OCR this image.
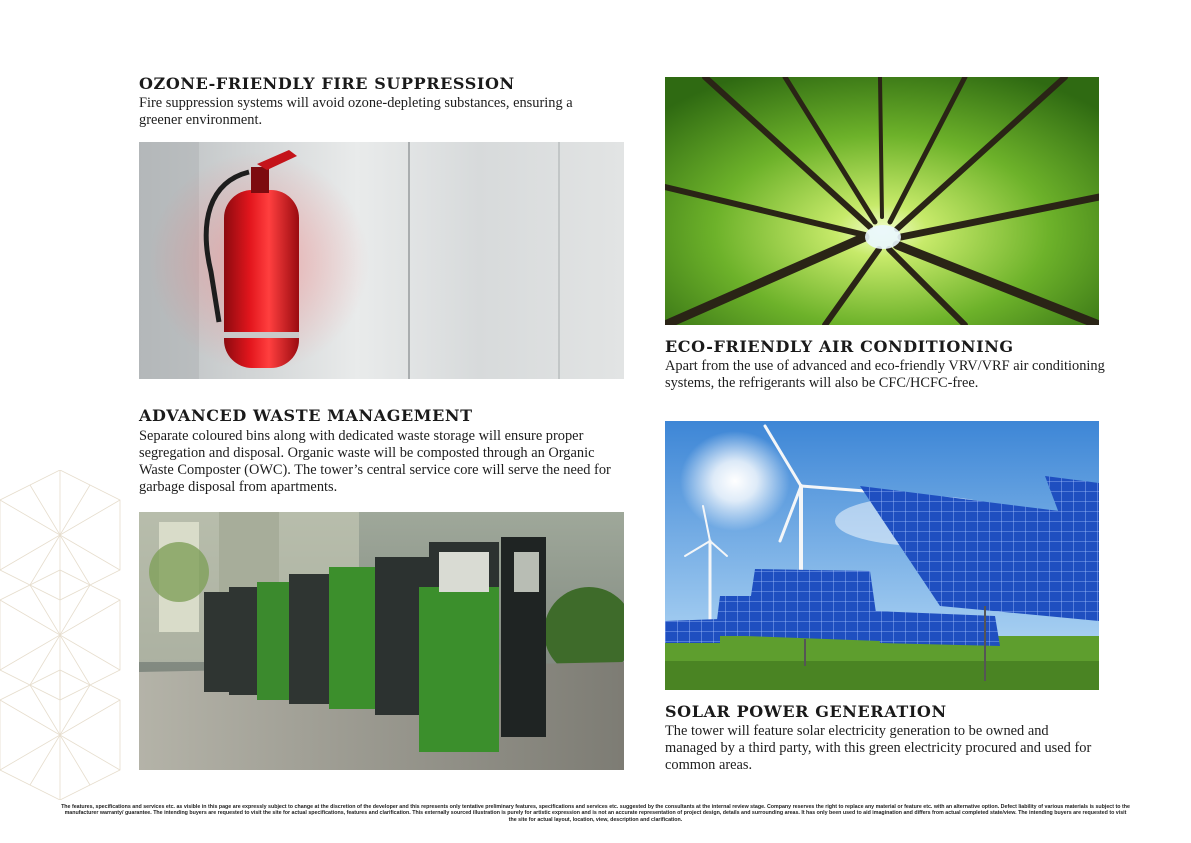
OZONE-FRIENDLY FIRE SUPPRESSION
Fire suppression systems will avoid ozone-depleting substances, ensuring a greener environment.
ADVANCED WASTE MANAGEMENT
Separate coloured bins along with dedicated waste storage will ensure proper segregation and disposal. Organic waste will be composted through an Organic Waste Composter (OWC). The tower’s central service core will serve the need for garbage disposal from apartments.
ECO-FRIENDLY AIR CONDITIONING
Apart from the use of advanced and eco-friendly VRV/VRF air conditioning systems, the refrigerants will also be CFC/HCFC-free.
SOLAR POWER GENERATION
The tower will feature solar electricity generation to be owned and managed by a third party, with this green electricity procured and used for common areas.
The features, specifications and services etc. as visible in this page are expressly subject to change at the discretion of the developer and this represents only tentative preliminary features, specifications and services etc. suggested by the consultants at the internal review stage. Company reserves the right to replace any material or feature etc. with an alternative option. Defect liability of various materials is subject to the manufacturer warranty/ guarantee. The intending buyers are requested to visit the site for actual specifications, features and clarification. This externally sourced illustration is purely for artistic expression and is not an accurate representation of project design, details and surrounding areas. It has only been used to aid imagination and differs from actual completed state/view. The intending buyers are requested to visit the site for actual layout, location, view, description and clarification.
